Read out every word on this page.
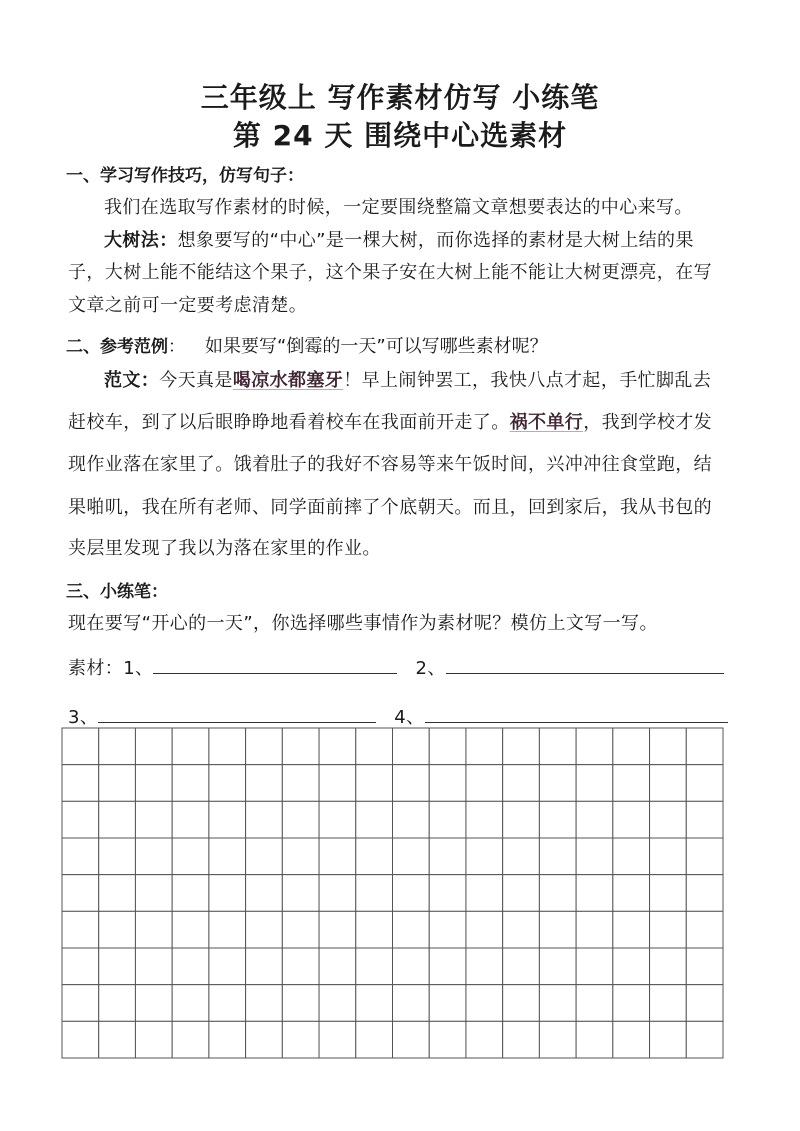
三年级上 写作素材仿写 小练笔
第 24 天 围绕中心选素材
一、学习写作技巧，仿写句子：
我们在选取写作素材的时候，一定要围绕整篇文章想要表达的中心来写。
大树法：想象要写的“中心”是一棵大树，而你选择的素材是大树上结的果
子，大树上能不能结这个果子，这个果子安在大树上能不能让大树更漂亮，在写
文章之前可一定要考虑清楚。
二、参考范例： 如果要写“倒霉的一天”可以写哪些素材呢？
范文：今天真是喝凉水都塞牙！早上闹钟罢工，我快八点才起，手忙脚乱去
赶校车，到了以后眼睁睁地看着校车在我面前开走了。祸不单行，我到学校才发
现作业落在家里了。饿着肚子的我好不容易等来午饭时间，兴冲冲往食堂跑，结
果啪叽，我在所有老师、同学面前摔了个底朝天。而且，回到家后，我从书包的
夹层里发现了我以为落在家里的作业。
三、小练笔：
现在要写“开心的一天”，你选择哪些事情作为素材呢？模仿上文写一写。
素材：1、	2、
3、	4、
